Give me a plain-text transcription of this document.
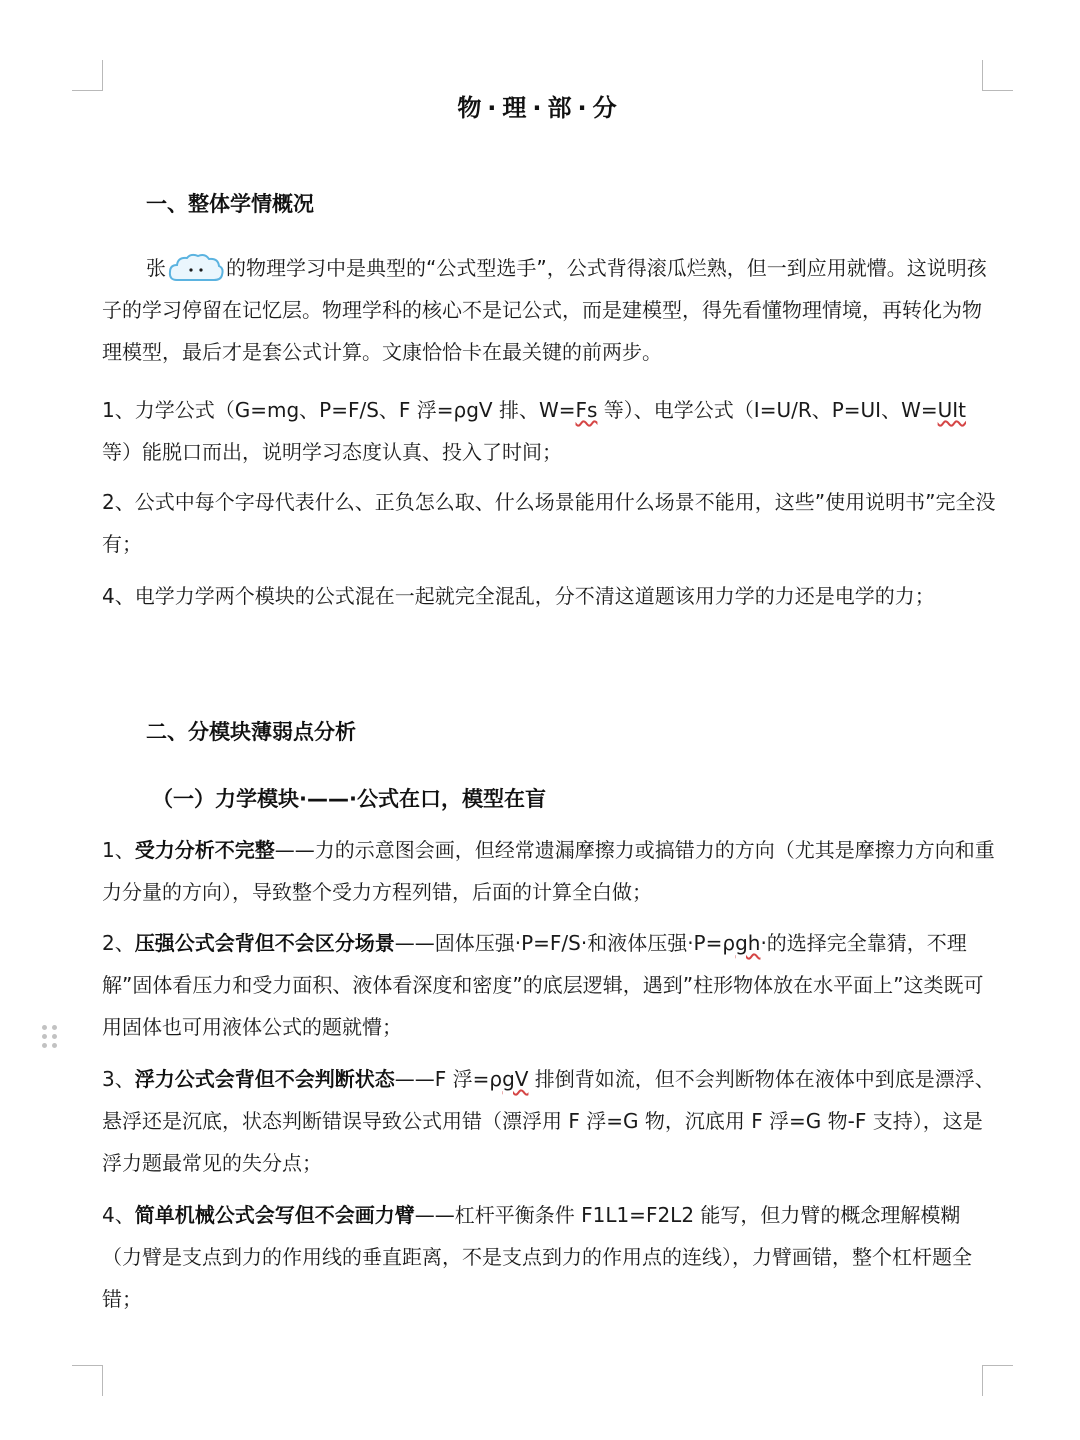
物·理·部·分
一、整体学情概况

张	的物理学习中是典型的“公式型选手”，公式背得滚瓜烂熟，但一到应用就懵。这说明孩子的学习停留在记忆层。物理学科的核心不是记公式，而是建模型，得先看懂物理情境，再转化为物理模型，最后才是套公式计算。文康恰恰卡在最关键的前两步。

1、力学公式（G=mg、P=F/S、F 浮=ρgV 排、W=Fs 等）、电学公式（I=U/R、P=UI、W=UIt 等）能脱口而出，说明学习态度认真、投入了时间；

2、公式中每个字母代表什么、正负怎么取、什么场景能用什么场景不能用，这些”使用说明书”完全没有；

4、电学力学两个模块的公式混在一起就完全混乱，分不清这道题该用力学的力还是电学的力；

二、分模块薄弱点分析
（一）力学模块·——·公式在口，模型在盲

1、受力分析不完整——力的示意图会画，但经常遗漏摩擦力或搞错力的方向（尤其是摩擦力方向和重力分量的方向），导致整个受力方程列错，后面的计算全白做；

2、压强公式会背但不会区分场景——固体压强·P=F/S·和液体压强·P=ρgh·的选择完全靠猜，不理解”固体看压力和受力面积、液体看深度和密度”的底层逻辑，遇到”柱形物体放在水平面上”这类既可用固体也可用液体公式的题就懵；

3、浮力公式会背但不会判断状态——F 浮=ρgV 排倒背如流，但不会判断物体在液体中到底是漂浮、悬浮还是沉底，状态判断错误导致公式用错（漂浮用 F 浮=G 物，沉底用 F 浮=G 物-F 支持），这是浮力题最常见的失分点；

4、简单机械公式会写但不会画力臂——杠杆平衡条件 F1L1=F2L2 能写，但力臂的概念理解模糊（力臂是支点到力的作用线的垂直距离，不是支点到力的作用点的连线），力臂画错，整个杠杆题全错；
